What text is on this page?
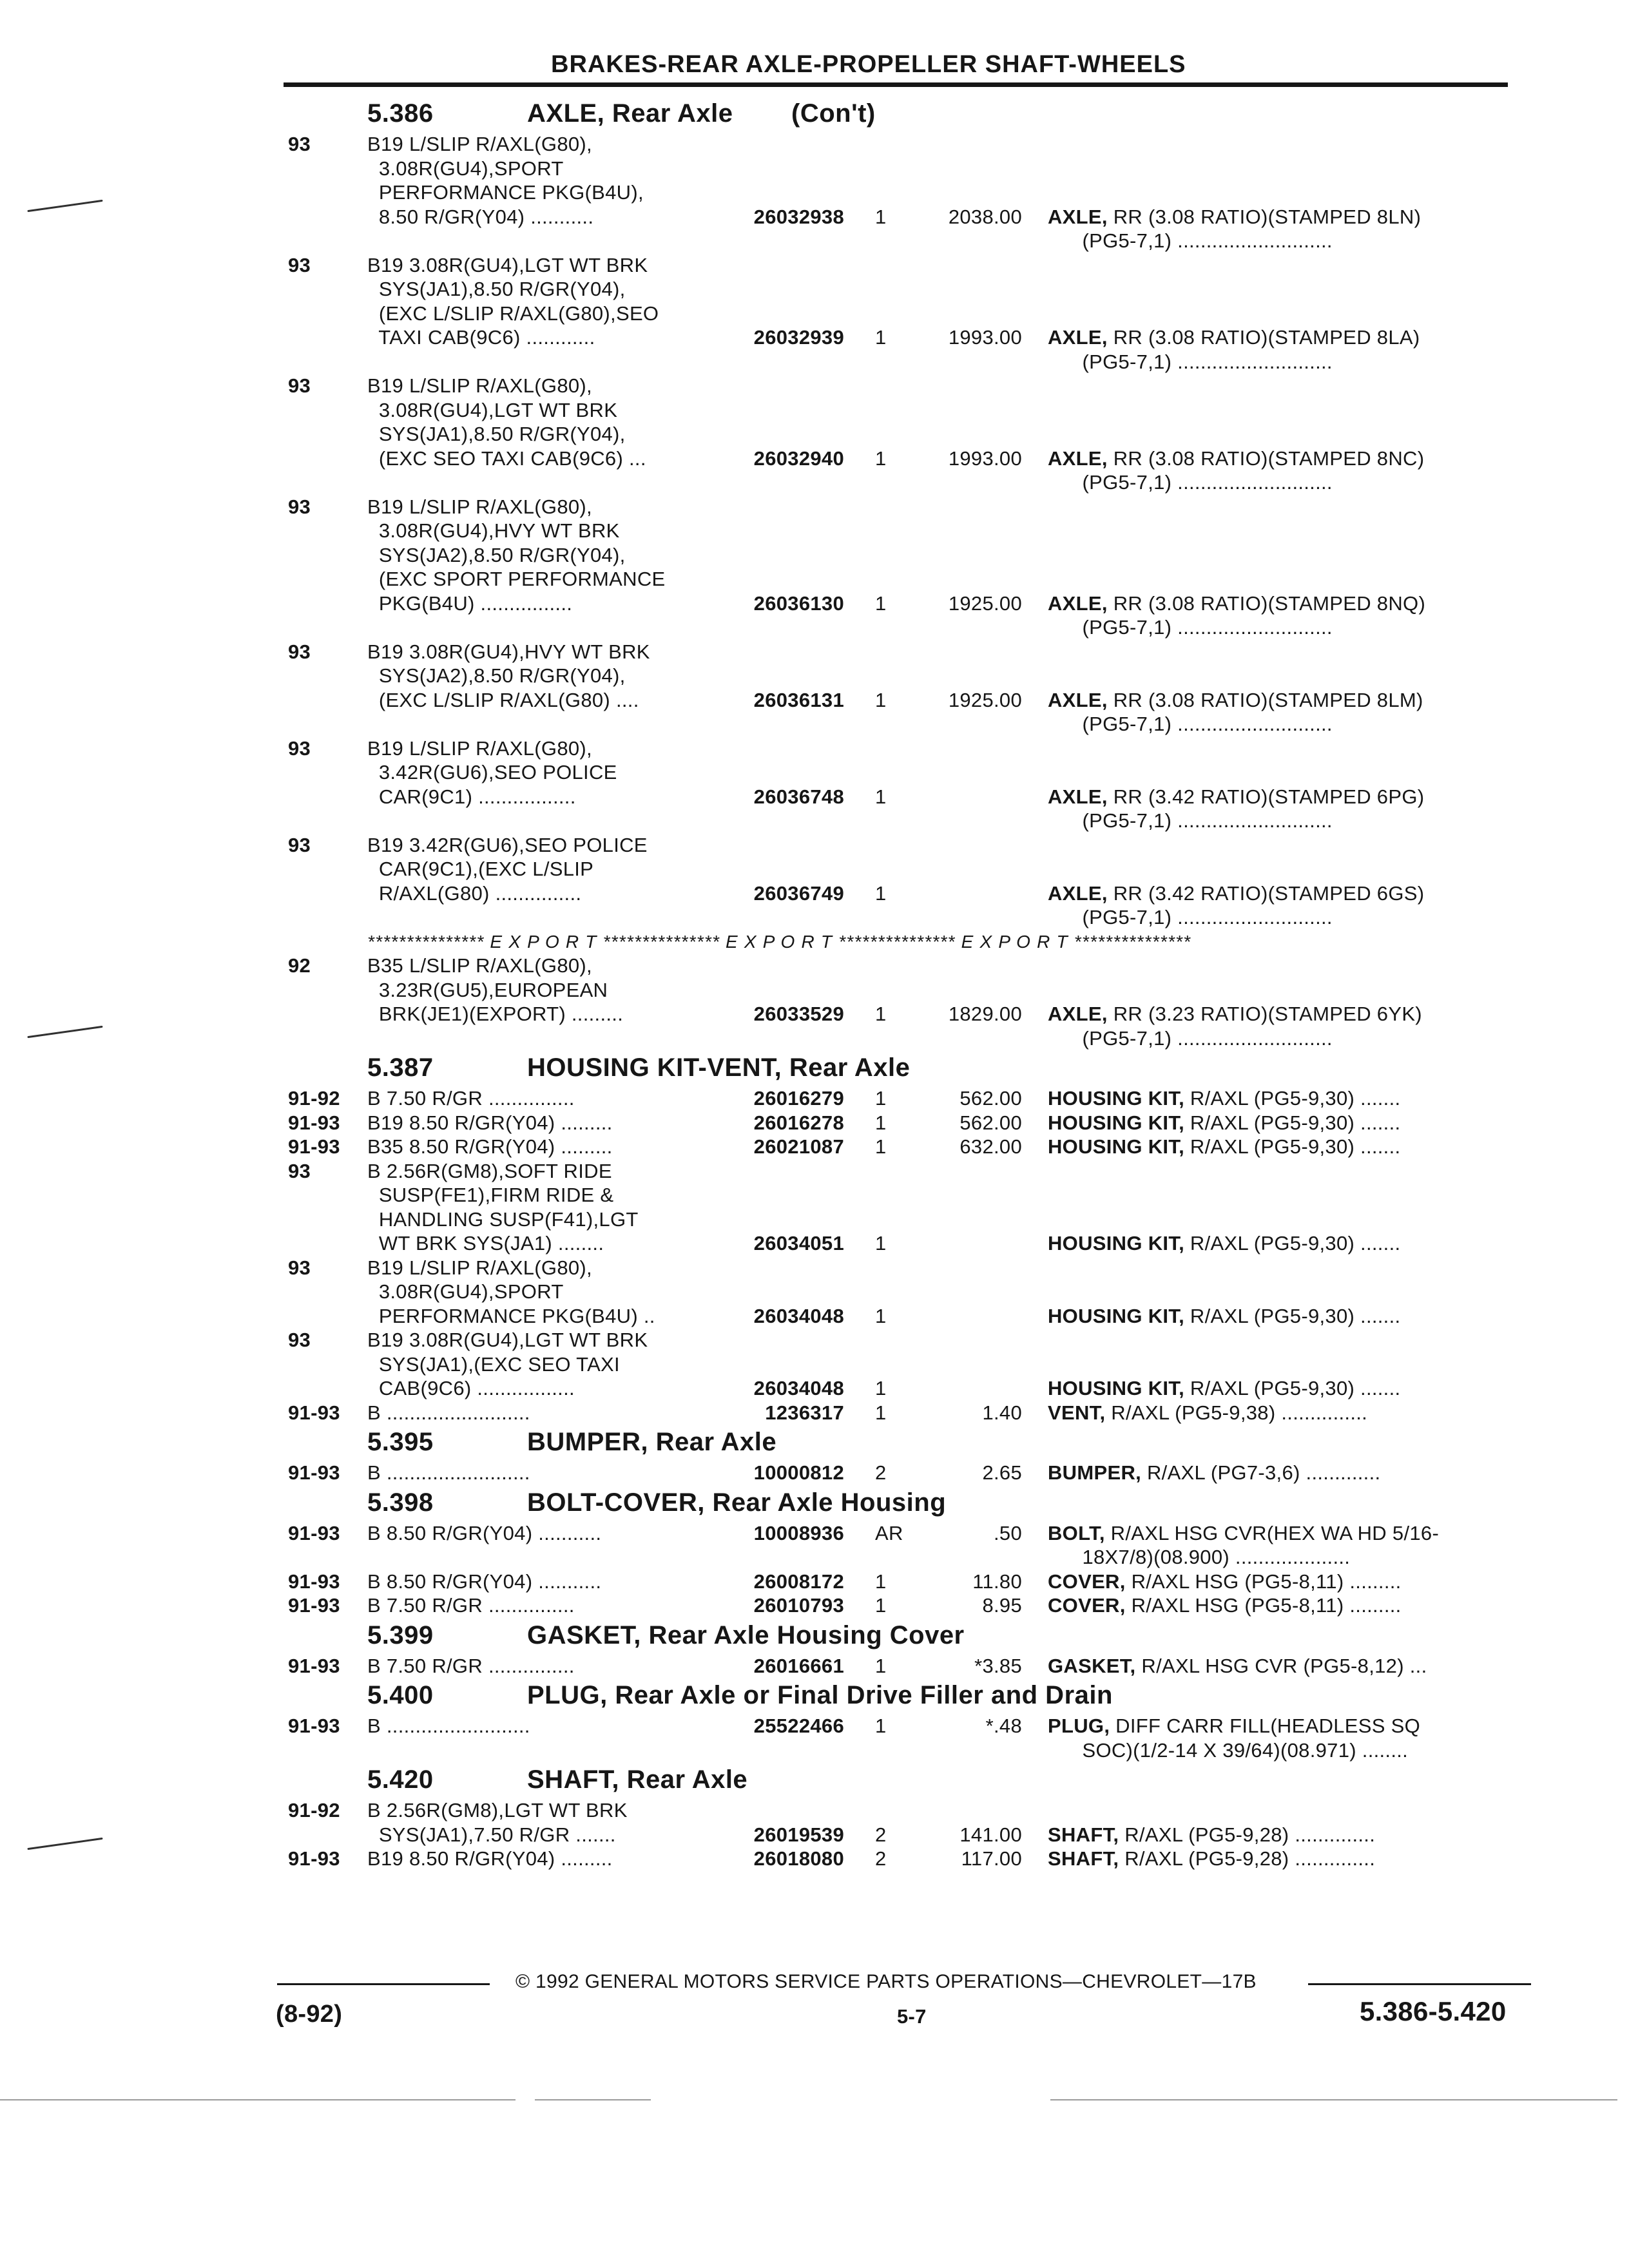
BRAKES-REAR AXLE-PROPELLER SHAFT-WHEELS
5.386	AXLE, Rear Axle (Con't)
93	B19 L/SLIP R/AXL(G80),
3.08R(GU4),SPORT
PERFORMANCE PKG(B4U),
8.50 R/GR(Y04) ...........	26032938 1	2038.00 AXLE, RR (3.08 RATIO)(STAMPED 8LN)
(PG5-7,1) ...........................
93	B19 3.08R(GU4),LGT WT BRK
SYS(JA1),8.50 R/GR(Y04),
(EXC L/SLIP R/AXL(G80),SEO
TAXI CAB(9C6) ............	26032939 1	1993.00 AXLE, RR (3.08 RATIO)(STAMPED 8LA)
(PG5-7,1) ...........................
93	B19 L/SLIP R/AXL(G80),
3.08R(GU4),LGT WT BRK
SYS(JA1),8.50 R/GR(Y04),
(EXC SEO TAXI CAB(9C6) ...	26032940 1	1993.00 AXLE, RR (3.08 RATIO)(STAMPED 8NC)
(PG5-7,1) ...........................
93	B19 L/SLIP R/AXL(G80),
3.08R(GU4),HVY WT BRK
SYS(JA2),8.50 R/GR(Y04),
(EXC SPORT PERFORMANCE
PKG(B4U) ................	26036130 1	1925.00 AXLE, RR (3.08 RATIO)(STAMPED 8NQ)
(PG5-7,1) ...........................
93	B19 3.08R(GU4),HVY WT BRK
SYS(JA2),8.50 R/GR(Y04),
(EXC L/SLIP R/AXL(G80) ....	26036131 1	1925.00 AXLE, RR (3.08 RATIO)(STAMPED 8LM)
(PG5-7,1) ...........................
93	B19 L/SLIP R/AXL(G80),
3.42R(GU6),SEO POLICE
CAR(9C1) .................	26036748 1	AXLE, RR (3.42 RATIO)(STAMPED 6PG)
(PG5-7,1) ...........................
93	B19 3.42R(GU6),SEO POLICE
CAR(9C1),(EXC L/SLIP
R/AXL(G80) ...............	26036749 1	AXLE, RR (3.42 RATIO)(STAMPED 6GS)
(PG5-7,1) ...........................
*************** E X P O R T *************** E X P O R T *************** E X P O R T ***************
92	B35 L/SLIP R/AXL(G80),
3.23R(GU5),EUROPEAN
BRK(JE1)(EXPORT) .........	26033529 1	1829.00 AXLE, RR (3.23 RATIO)(STAMPED 6YK)
(PG5-7,1) ...........................
5.387	HOUSING KIT-VENT, Rear Axle
91-92 B 7.50 R/GR ...............	26016279 1	562.00 HOUSING KIT, R/AXL (PG5-9,30) .......
91-93 B19 8.50 R/GR(Y04) .........	26016278 1	562.00 HOUSING KIT, R/AXL (PG5-9,30) .......
91-93 B35 8.50 R/GR(Y04) .........	26021087 1	632.00 HOUSING KIT, R/AXL (PG5-9,30) .......
93	B 2.56R(GM8),SOFT RIDE
SUSP(FE1),FIRM RIDE &
HANDLING SUSP(F41),LGT
WT BRK SYS(JA1) ........	26034051 1	HOUSING KIT, R/AXL (PG5-9,30) .......
93	B19 L/SLIP R/AXL(G80),
3.08R(GU4),SPORT
PERFORMANCE PKG(B4U) ..	26034048 1	HOUSING KIT, R/AXL (PG5-9,30) .......
93	B19 3.08R(GU4),LGT WT BRK
SYS(JA1),(EXC SEO TAXI
CAB(9C6) .................	26034048 1	HOUSING KIT, R/AXL (PG5-9,30) .......
91-93 B .........................	1236317 1	1.40 VENT, R/AXL (PG5-9,38) ...............
5.395	BUMPER, Rear Axle
91-93 B .........................	10000812 2	2.65 BUMPER, R/AXL (PG7-3,6) .............
5.398	BOLT-COVER, Rear Axle Housing
91-93 B 8.50 R/GR(Y04) ...........	10008936 AR	.50 BOLT, R/AXL HSG CVR(HEX WA HD 5/16-
18X7/8)(08.900) ....................
91-93 B 8.50 R/GR(Y04) ...........	26008172 1	11.80 COVER, R/AXL HSG (PG5-8,11) .........
91-93 B 7.50 R/GR ...............	26010793 1	8.95 COVER, R/AXL HSG (PG5-8,11) .........
5.399	GASKET, Rear Axle Housing Cover
91-93 B 7.50 R/GR ...............	26016661 1	*3.85 GASKET, R/AXL HSG CVR (PG5-8,12) ...
5.400	PLUG, Rear Axle or Final Drive Filler and Drain
91-93 B .........................	25522466 1	*.48 PLUG, DIFF CARR FILL(HEADLESS SQ
SOC)(1/2-14 X 39/64)(08.971) ........
5.420	SHAFT, Rear Axle
91-92 B 2.56R(GM8),LGT WT BRK
SYS(JA1),7.50 R/GR .......	26019539 2	141.00 SHAFT, R/AXL (PG5-9,28) ..............
91-93 B19 8.50 R/GR(Y04) .........	26018080 2	117.00 SHAFT, R/AXL (PG5-9,28) ..............
© 1992 GENERAL MOTORS SERVICE PARTS OPERATIONS—CHEVROLET—17B
(8-92)	5-7	5.386-5.420
